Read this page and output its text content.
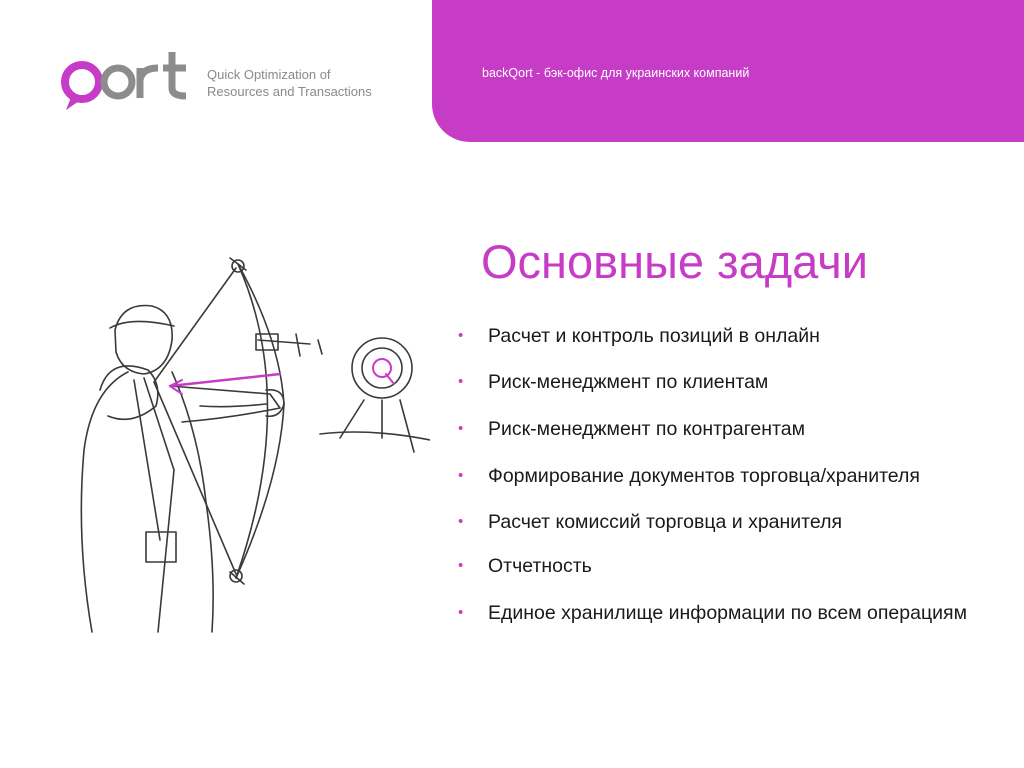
Quick Optimization of
Resources and Transactions
backQort - бэк-офис для украинских компаний
Основные задачи
• Расчет и контроль позиций в онлайн
• Риск-менеджмент по клиентам
• Риск-менеджмент по контрагентам
• Формирование документов торговца/хранителя
• Расчет комиссий торговца и хранителя
• Отчетность
• Единое хранилище информации по всем операциям
